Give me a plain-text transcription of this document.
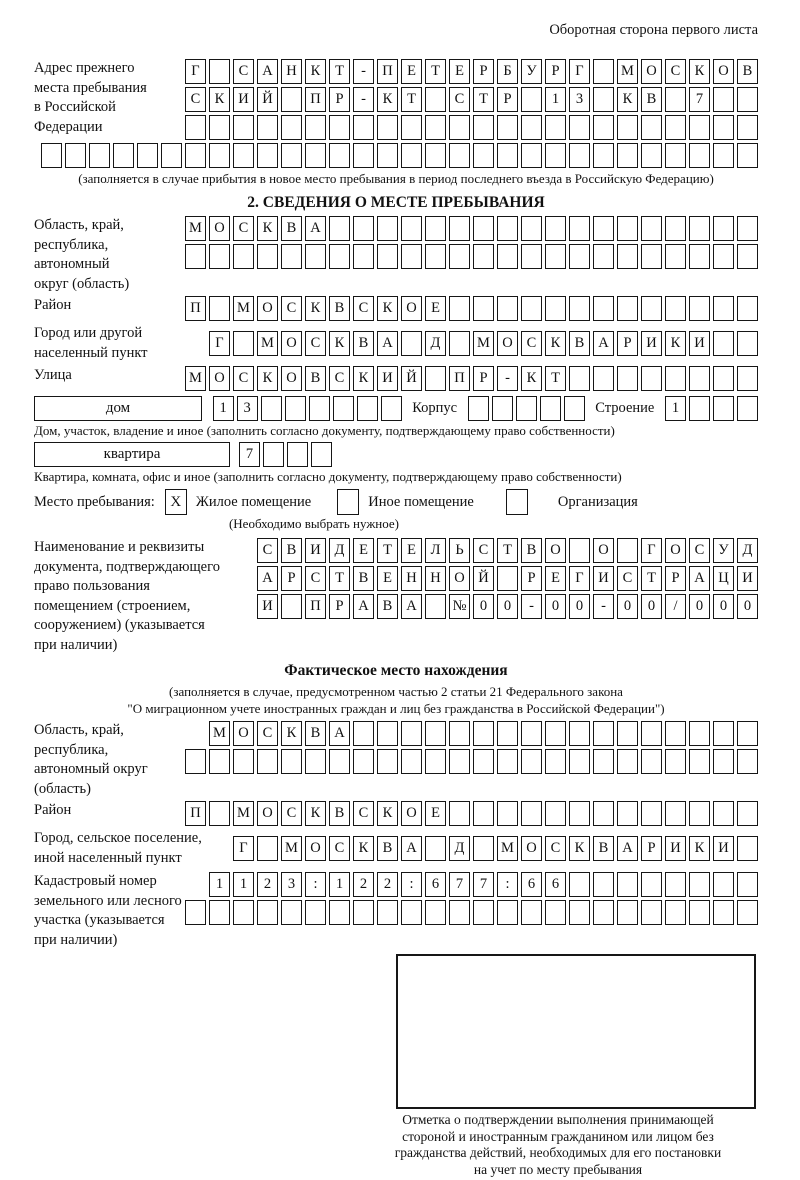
Оборотная сторона первого листа
Адрес прежнего
места пребывания
в Российской
Федерации
Г	С А Н К	Т	-	П Е	Т	Е	Р	Б	У	Р	Г	М О С К О В
С К И Й	П	Р	-	К	Т	С	Т	Р	1	3	К В	7
(заполняется в случае прибытия в новое место пребывания в период последнего въезда в Российскую Федерацию)
2. СВЕДЕНИЯ О МЕСТЕ ПРЕБЫВАНИЯ
Область, край,
республика,
автономный
округ (область)
М О С К В А
Район	П	М О С К В С К О Е
Город или другой
населенный пункт
Г	М О С К В А	Д	М О С К В А	Р	И К И
Улица	М О С К О В С К И Й	П	Р	-	К	Т
дом	1	3	Корпус	Строение	1
Дом, участок, владение и иное (заполнить согласно документу, подтверждающему право собственности)
квартира	7
Квартира, комната, офис и иное (заполнить согласно документу, подтверждающему право собственности)
Место пребывания:	X	Жилое помещение	Иное помещение	Организация
(Необходимо выбрать нужное)
Наименование и реквизиты
документа, подтверждающего
право пользования
помещением (строением,
сооружением) (указывается
при наличии)
С В И Д	Е	Т	Е	Л	Ь	С	Т	В О	О	Г	О С У Д
А	Р	С	Т	В	Е Н Н О Й	Р	Е	Г	И С	Т	Р	А Ц И
И	П	Р	А В А	№ 0	0	-	0	0	-	0	0	/	0	0	0
Фактическое место нахождения
(заполняется в случае, предусмотренном частью 2 статьи 21 Федерального закона
"О миграционном учете иностранных граждан и лиц без гражданства в Российской Федерации")
Область, край,
республика,
автономный округ
(область)
М О С К В А
Район	П	М О С К В С К О Е
Город, сельское поселение,
иной населенный пункт
Г	М О С К В А	Д	М О С К В А	Р	И К И
Кадастровый номер
земельного или лесного
участка (указывается
при наличии)
1	1	2	3	:	1	2	2	:	6	7	7	:	6	6
Отметка о подтверждении выполнения принимающей
стороной и иностранным гражданином или лицом без
гражданства действий, необходимых для его постановки
на учет по месту пребывания
